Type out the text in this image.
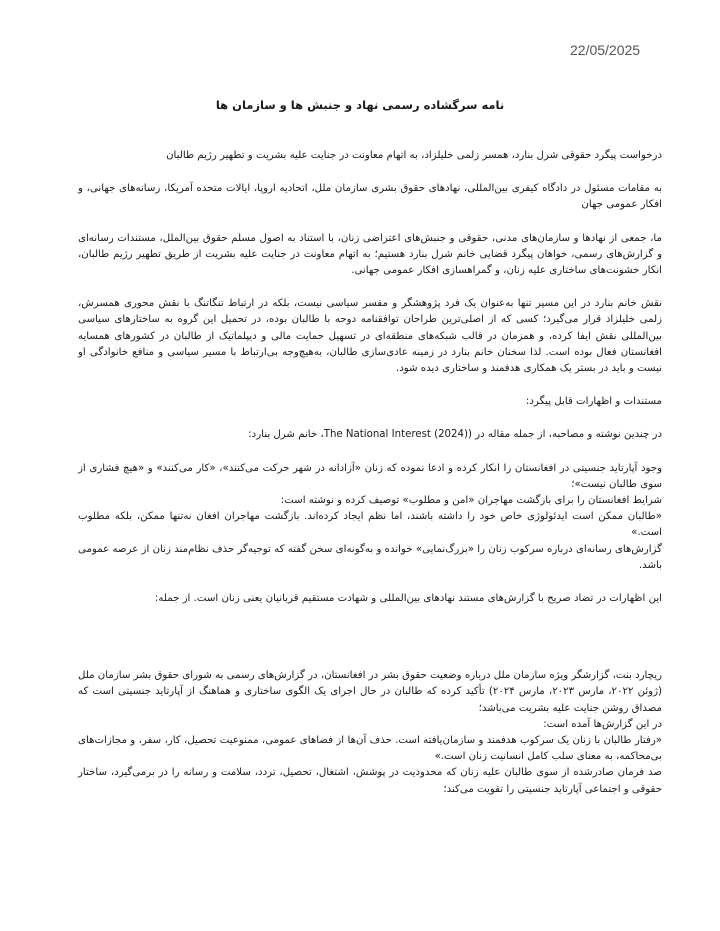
22/05/2025
نامه سرگشاده رسمی نهاد و جنبش ها و سازمان ها

درخواست پیگرد حقوقی شرل بنارد، همسر زلمی خلیلزاد، به اتهام معاونت در جنایت علیه بشریت و تطهیر رژیم طالبان

به مقامات مسئول در دادگاه کیفری بین‌المللی، نهادهای حقوق بشری سازمان ملل، اتحادیه اروپا، ایالات متحده آمریکا، رسانه‌های جهانی، و افکار عمومی جهان

ما، جمعی از نهادها و سازمان‌های مدنی، حقوقی و جنبش‌های اعتراضی زنان، با استناد به اصول مسلم حقوق بین‌الملل، مستندات رسانه‌ای و گزارش‌های رسمی، خواهان پیگرد قضایی خانم شرل بنارد هستیم؛ به اتهام معاونت در جنایت علیه بشریت از طریق تطهیر رژیم طالبان، انکار خشونت‌های ساختاری علیه زنان، و گمراهسازی افکار عمومی جهانی.

نقش خانم بنارد در این مسیر تنها به‌عنوان یک فرد پژوهشگر و مفسر سیاسی نیست، بلکه در ارتباط تنگاتنگ با نقش محوری همسرش، زلمی خلیلزاد قرار می‌گیرد؛ کسی که از اصلی‌ترین طراحان توافقنامه دوحه با طالبان بوده، در تحمیل این گروه به ساختارهای سیاسی بین‌المللی نقش ایفا کرده، و همزمان در قالب شبکه‌های منطقه‌ای در تسهیل حمایت مالی و دیپلماتیک از طالبان در کشورهای همسایه افغانستان فعال بوده است. لذا سخنان خانم بنارد در زمینه عادی‌سازی طالبان، به‌هیچ‌وجه بی‌ارتباط با مسیر سیاسی و منافع خانوادگی او نیست و باید در بستر یک همکاری هدفمند و ساختاری دیده شود.

مستندات و اظهارات قابل پیگرد:

در چندین نوشته و مصاحبه، از جمله مقاله در (The National Interest (2024)، خانم شرل بنارد:

وجود آپارتاید جنسیتی در افغانستان را انکار کرده و ادعا نموده که زنان «آزادانه در شهر حرکت می‌کنند»، «کار می‌کنند» و «هیچ فشاری از سوی طالبان نیست»؛

شرایط افغانستان را برای بازگشت مهاجران «امن و مطلوب» توصیف کرده و نوشته است:

«طالبان ممکن است ایدئولوژی خاص خود را داشته باشند، اما نظم ایجاد کرده‌اند. بازگشت مهاجران افغان نه‌تنها ممکن، بلکه مطلوب است.»

گزارش‌های رسانه‌ای درباره سرکوب زنان را «بزرگ‌نمایی» خوانده و به‌گونه‌ای سخن گفته که توجیه‌گر حذف نظام‌مند زنان از عرصه عمومی باشد.

این اظهارات در تضاد صریح با گزارش‌های مستند نهادهای بین‌المللی و شهادت مستقیم قربانیان یعنی زنان است. از جمله:

ریچارد بنت، گزارشگر ویژه سازمان ملل درباره وضعیت حقوق بشر در افغانستان، در گزارش‌های رسمی به شورای حقوق بشر سازمان ملل (ژوئن ۲۰۲۲، مارس ۲۰۲۳، مارس ۲۰۲۴) تأکید کرده که طالبان در حال اجرای یک الگوی ساختاری و هماهنگ از آپارتاید جنسیتی است که مصداق روشن جنایت علیه بشریت می‌باشد؛

در این گزارش‌ها آمده است:

«رفتار طالبان با زنان یک سرکوب هدفمند و سازمان‌یافته است. حذف آن‌ها از فضاهای عمومی، ممنوعیت تحصیل، کار، سفر، و مجازات‌های بی‌محاکمه، به معنای سلب کامل انسانیت زنان است.»

صد فرمان صادرشده از سوی طالبان علیه زنان که محدودیت در پوشش، اشتغال، تحصیل، تردد، سلامت و رسانه را در برمی‌گیرد، ساختار حقوقی و اجتماعی آپارتاید جنسیتی را تقویت می‌کند؛
